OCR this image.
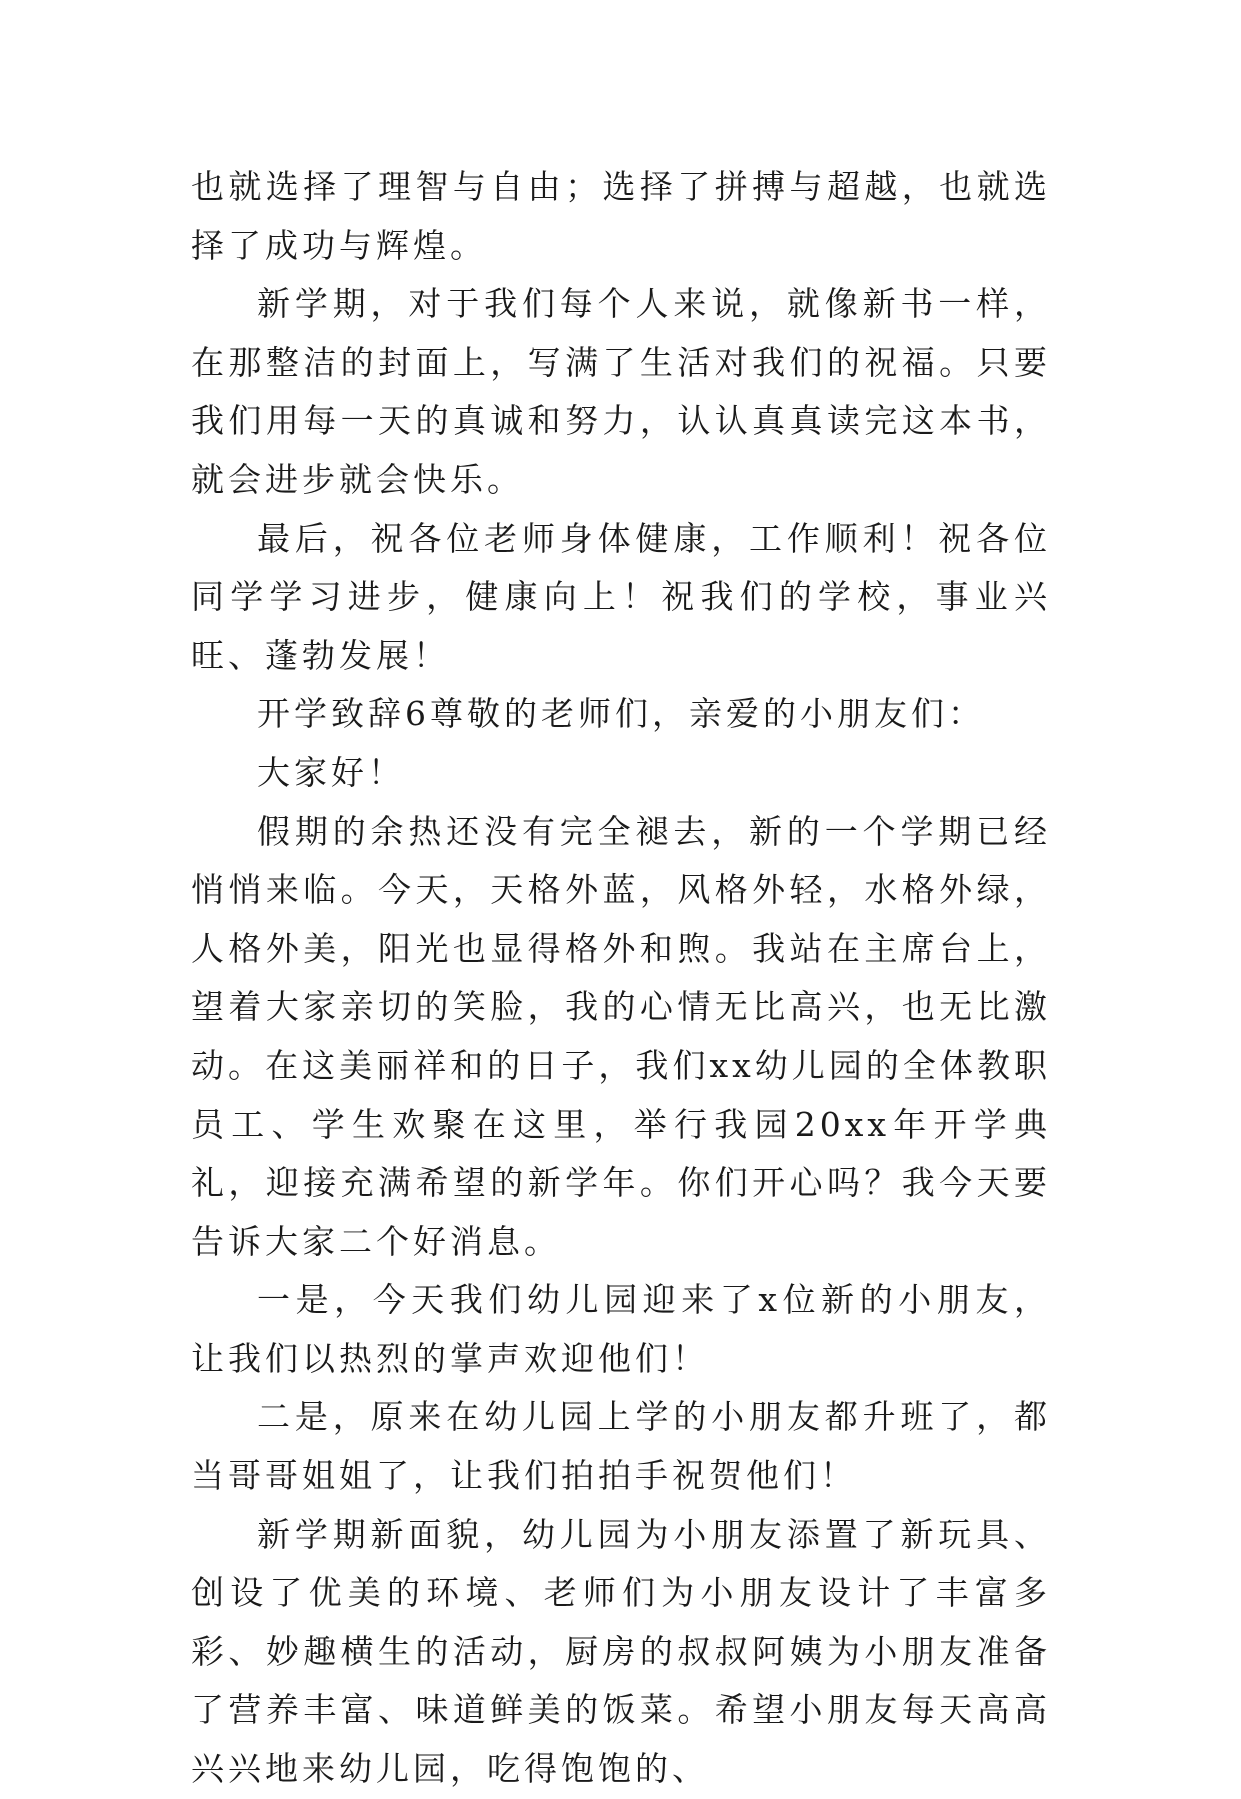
也就选择了理智与自由；选择了拼搏与超越，也就选择了成功与辉煌。

新学期，对于我们每个人来说，就像新书一样，在那整洁的封面上，写满了生活对我们的祝福。只要我们用每一天的真诚和努力，认认真真读完这本书，就会进步就会快乐。

最后，祝各位老师身体健康，工作顺利！祝各位同学学习进步，健康向上！祝我们的学校，事业兴旺、蓬勃发展！

开学致辞6尊敬的老师们，亲爱的小朋友们：

大家好！

假期的余热还没有完全褪去，新的一个学期已经悄悄来临。今天，天格外蓝，风格外轻，水格外绿，人格外美，阳光也显得格外和煦。我站在主席台上，望着大家亲切的笑脸，我的心情无比高兴，也无比激动。在这美丽祥和的日子，我们xx幼儿园的全体教职员工、学生欢聚在这里，举行我园20xx年开学典礼，迎接充满希望的新学年。你们开心吗？我今天要告诉大家二个好消息。

一是，今天我们幼儿园迎来了x位新的小朋友，让我们以热烈的掌声欢迎他们！

二是，原来在幼儿园上学的小朋友都升班了，都当哥哥姐姐了，让我们拍拍手祝贺他们！

新学期新面貌，幼儿园为小朋友添置了新玩具、创设了优美的环境、老师们为小朋友设计了丰富多彩、妙趣横生的活动，厨房的叔叔阿姨为小朋友准备了营养丰富、味道鲜美的饭菜。希望小朋友每天高高兴兴地来幼儿园，吃得饱饱的、
